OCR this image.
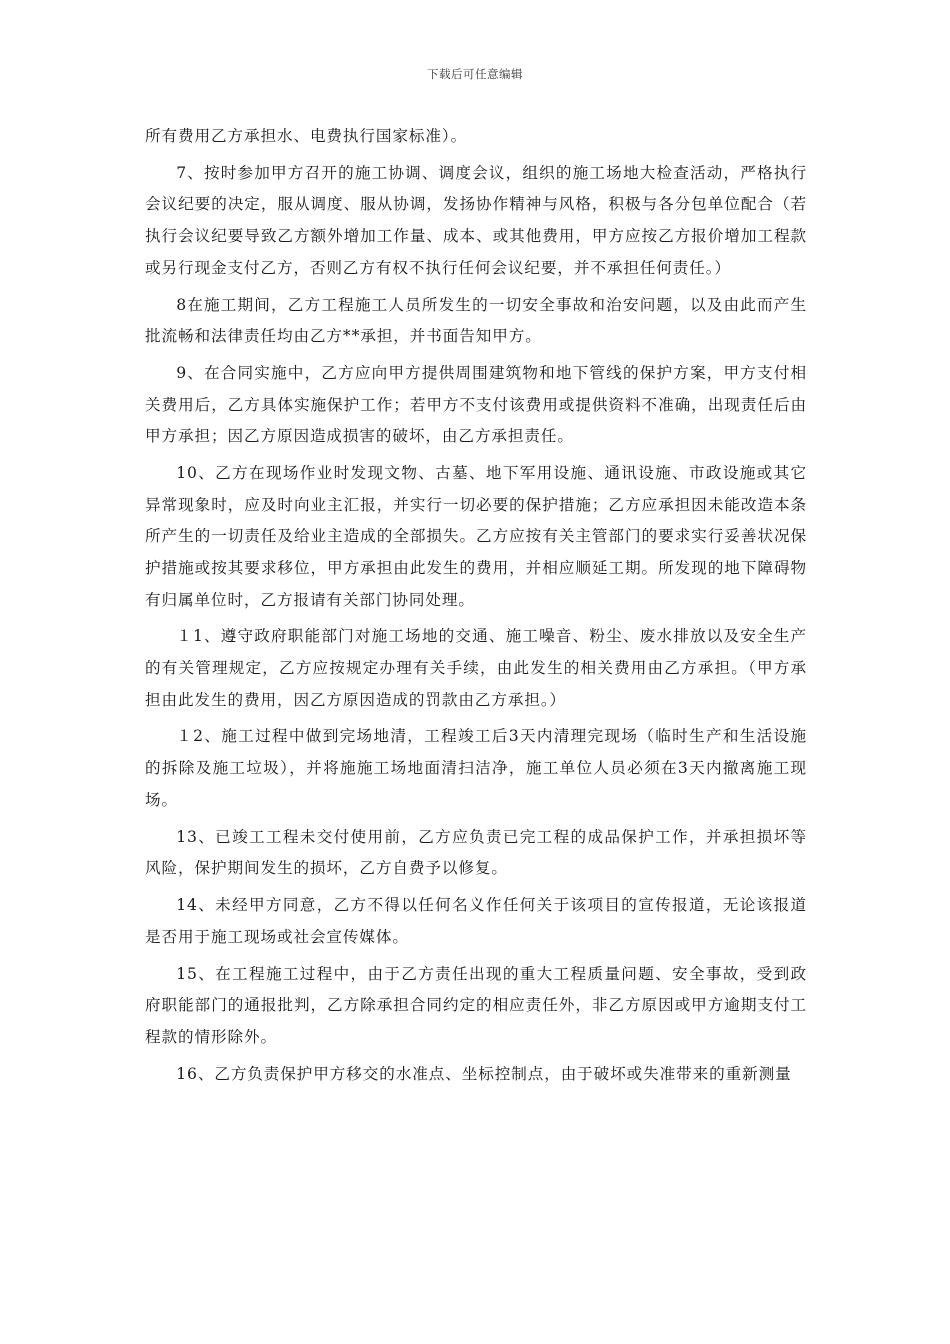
下载后可任意编辑

所有费用乙方承担水、电费执行国家标准）。

7、按时参加甲方召开的施工协调、调度会议，组织的施工场地大检查活动，严格执行会议纪要的决定，服从调度、服从协调，发扬协作精神与风格，积极与各分包单位配合（若执行会议纪要导致乙方额外增加工作量、成本、或其他费用，甲方应按乙方报价增加工程款或另行现金支付乙方，否则乙方有权不执行任何会议纪要，并不承担任何责任。）

8在施工期间，乙方工程施工人员所发生的一切安全事故和治安问题，以及由此而产生批流畅和法律责任均由乙方**承担，并书面告知甲方。

9、在合同实施中，乙方应向甲方提供周围建筑物和地下管线的保护方案，甲方支付相关费用后，乙方具体实施保护工作；若甲方不支付该费用或提供资料不准确，出现责任后由甲方承担；因乙方原因造成损害的破坏，由乙方承担责任。

10、乙方在现场作业时发现文物、古墓、地下军用设施、通讯设施、市政设施或其它异常现象时，应及时向业主汇报，并实行一切必要的保护措施；乙方应承担因未能改造本条所产生的一切责任及给业主造成的全部损失。乙方应按有关主管部门的要求实行妥善状况保护措施或按其要求移位，甲方承担由此发生的费用，并相应顺延工期。所发现的地下障碍物有归属单位时，乙方报请有关部门协同处理。

１1、遵守政府职能部门对施工场地的交通、施工噪音、粉尘、废水排放以及安全生产的有关管理规定，乙方应按规定办理有关手续，由此发生的相关费用由乙方承担。（甲方承担由此发生的费用，因乙方原因造成的罚款由乙方承担。）

１2、施工过程中做到完场地清，工程竣工后3天内清理完现场（临时生产和生活设施的拆除及施工垃圾），并将施施工场地面清扫洁净，施工单位人员必须在3天内撤离施工现场。

13、已竣工工程未交付使用前，乙方应负责已完工程的成品保护工作，并承担损坏等风险，保护期间发生的损坏，乙方自费予以修复。

14、未经甲方同意，乙方不得以任何名义作任何关于该项目的宣传报道，无论该报道是否用于施工现场或社会宣传媒体。

15、在工程施工过程中，由于乙方责任出现的重大工程质量问题、安全事故，受到政府职能部门的通报批判，乙方除承担合同约定的相应责任外，非乙方原因或甲方逾期支付工程款的情形除外。

16、乙方负责保护甲方移交的水准点、坐标控制点，由于破坏或失准带来的重新测量
